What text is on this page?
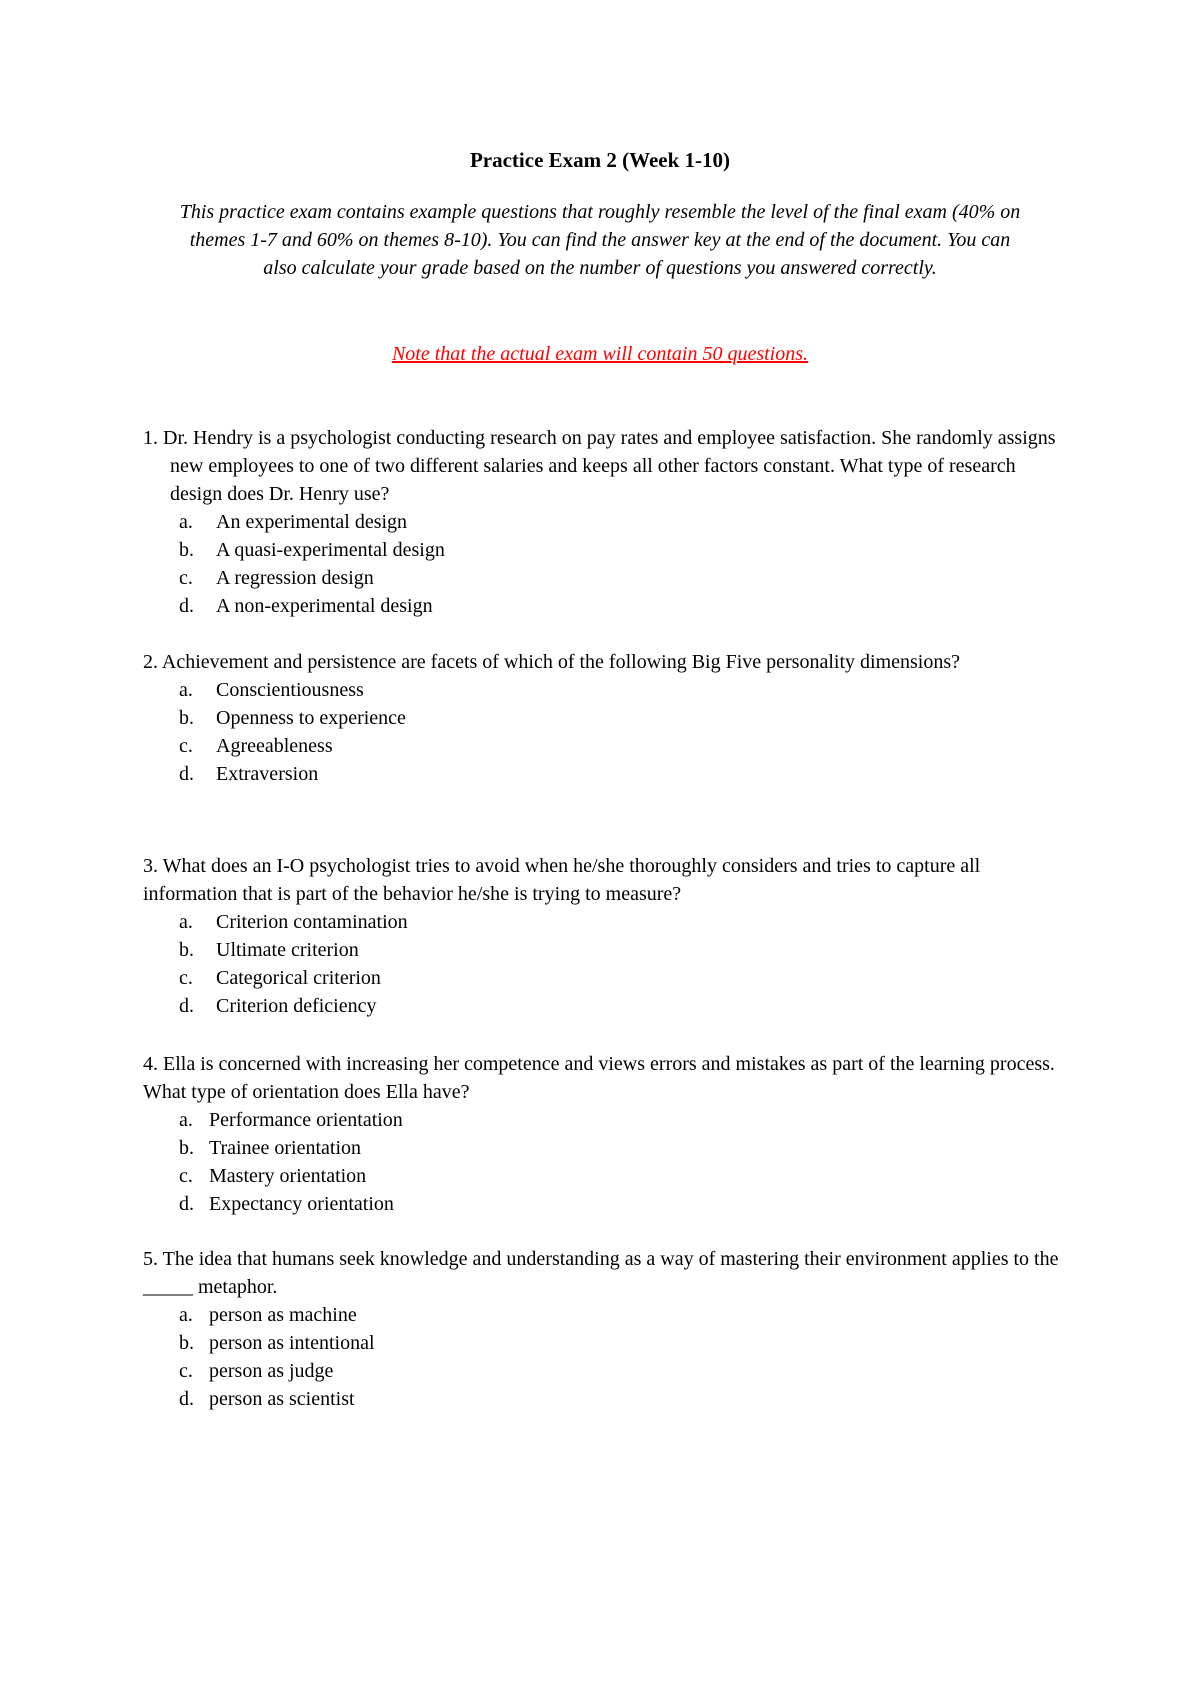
Practice Exam 2 (Week 1-10)
This practice exam contains example questions that roughly resemble the level of the final exam (40% on themes 1-7 and 60% on themes 8-10). You can find the answer key at the end of the document. You can also calculate your grade based on the number of questions you answered correctly.
Note that the actual exam will contain 50 questions.

1. Dr. Hendry is a psychologist conducting research on pay rates and employee satisfaction. She randomly assigns new employees to one of two different salaries and keeps all other factors constant. What type of research design does Dr. Henry use?

a. An experimental design
b. A quasi-experimental design
c. A regression design
d. A non-experimental design

2. Achievement and persistence are facets of which of the following Big Five personality dimensions?

a. Conscientiousness
b. Openness to experience
c. Agreeableness
d. Extraversion

3. What does an I-O psychologist tries to avoid when he/she thoroughly considers and tries to capture all information that is part of the behavior he/she is trying to measure?

a. Criterion contamination
b. Ultimate criterion
c. Categorical criterion
d. Criterion deficiency

4. Ella is concerned with increasing her competence and views errors and mistakes as part of the learning process. What type of orientation does Ella have?

a. Performance orientation
b. Trainee orientation
c. Mastery orientation
d. Expectancy orientation

5. The idea that humans seek knowledge and understanding as a way of mastering their environment applies to the _____ metaphor.

a. person as machine
b. person as intentional
c. person as judge
d. person as scientist
